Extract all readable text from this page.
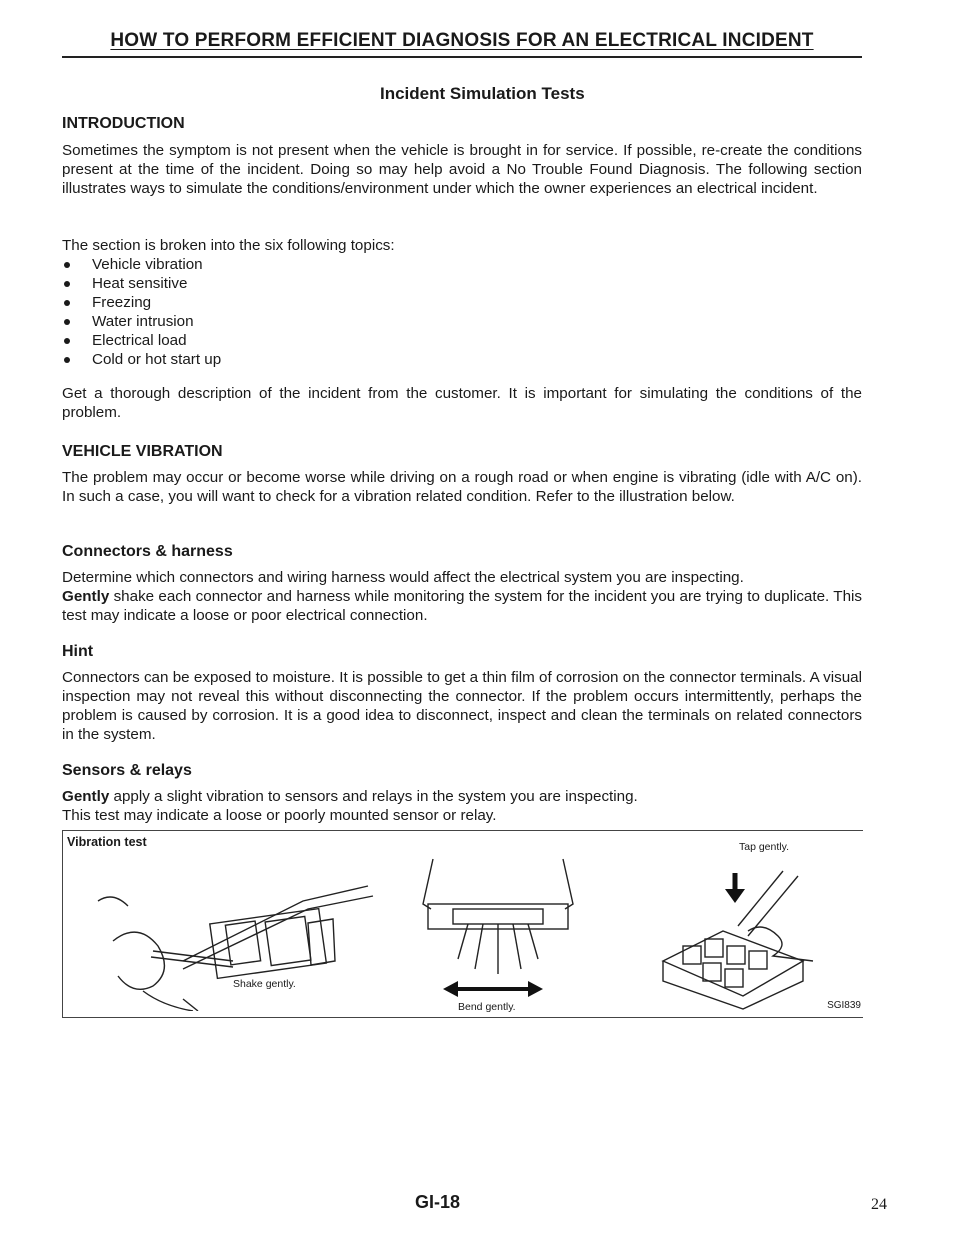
HOW TO PERFORM EFFICIENT DIAGNOSIS FOR AN ELECTRICAL INCIDENT
Incident Simulation Tests
INTRODUCTION

Sometimes the symptom is not present when the vehicle is brought in for service. If possible, re-create the conditions present at the time of the incident. Doing so may help avoid a No Trouble Found Diagnosis. The following section illustrates ways to simulate the conditions/environment under which the owner experiences an electrical incident.

The section is broken into the six following topics:

Vehicle vibration
Heat sensitive
Freezing
Water intrusion
Electrical load
Cold or hot start up

Get a thorough description of the incident from the customer. It is important for simulating the conditions of the problem.

VEHICLE VIBRATION

The problem may occur or become worse while driving on a rough road or when engine is vibrating (idle with A/C on). In such a case, you will want to check for a vibration related condition. Refer to the illustration below.

Connectors & harness

Determine which connectors and wiring harness would affect the electrical system you are inspecting.
Gently shake each connector and harness while monitoring the system for the incident you are trying to duplicate. This test may indicate a loose or poor electrical connection.

Hint

Connectors can be exposed to moisture. It is possible to get a thin film of corrosion on the connector terminals. A visual inspection may not reveal this without disconnecting the connector. If the problem occurs intermittently, perhaps the problem is caused by corrosion. It is a good idea to disconnect, inspect and clean the terminals on related connectors in the system.

Sensors & relays

Gently apply a slight vibration to sensors and relays in the system you are inspecting.
This test may indicate a loose or poorly mounted sensor or relay.

Vibration test
Shake gently.
Bend gently.
Tap gently.
SGI839
GI-18	24
